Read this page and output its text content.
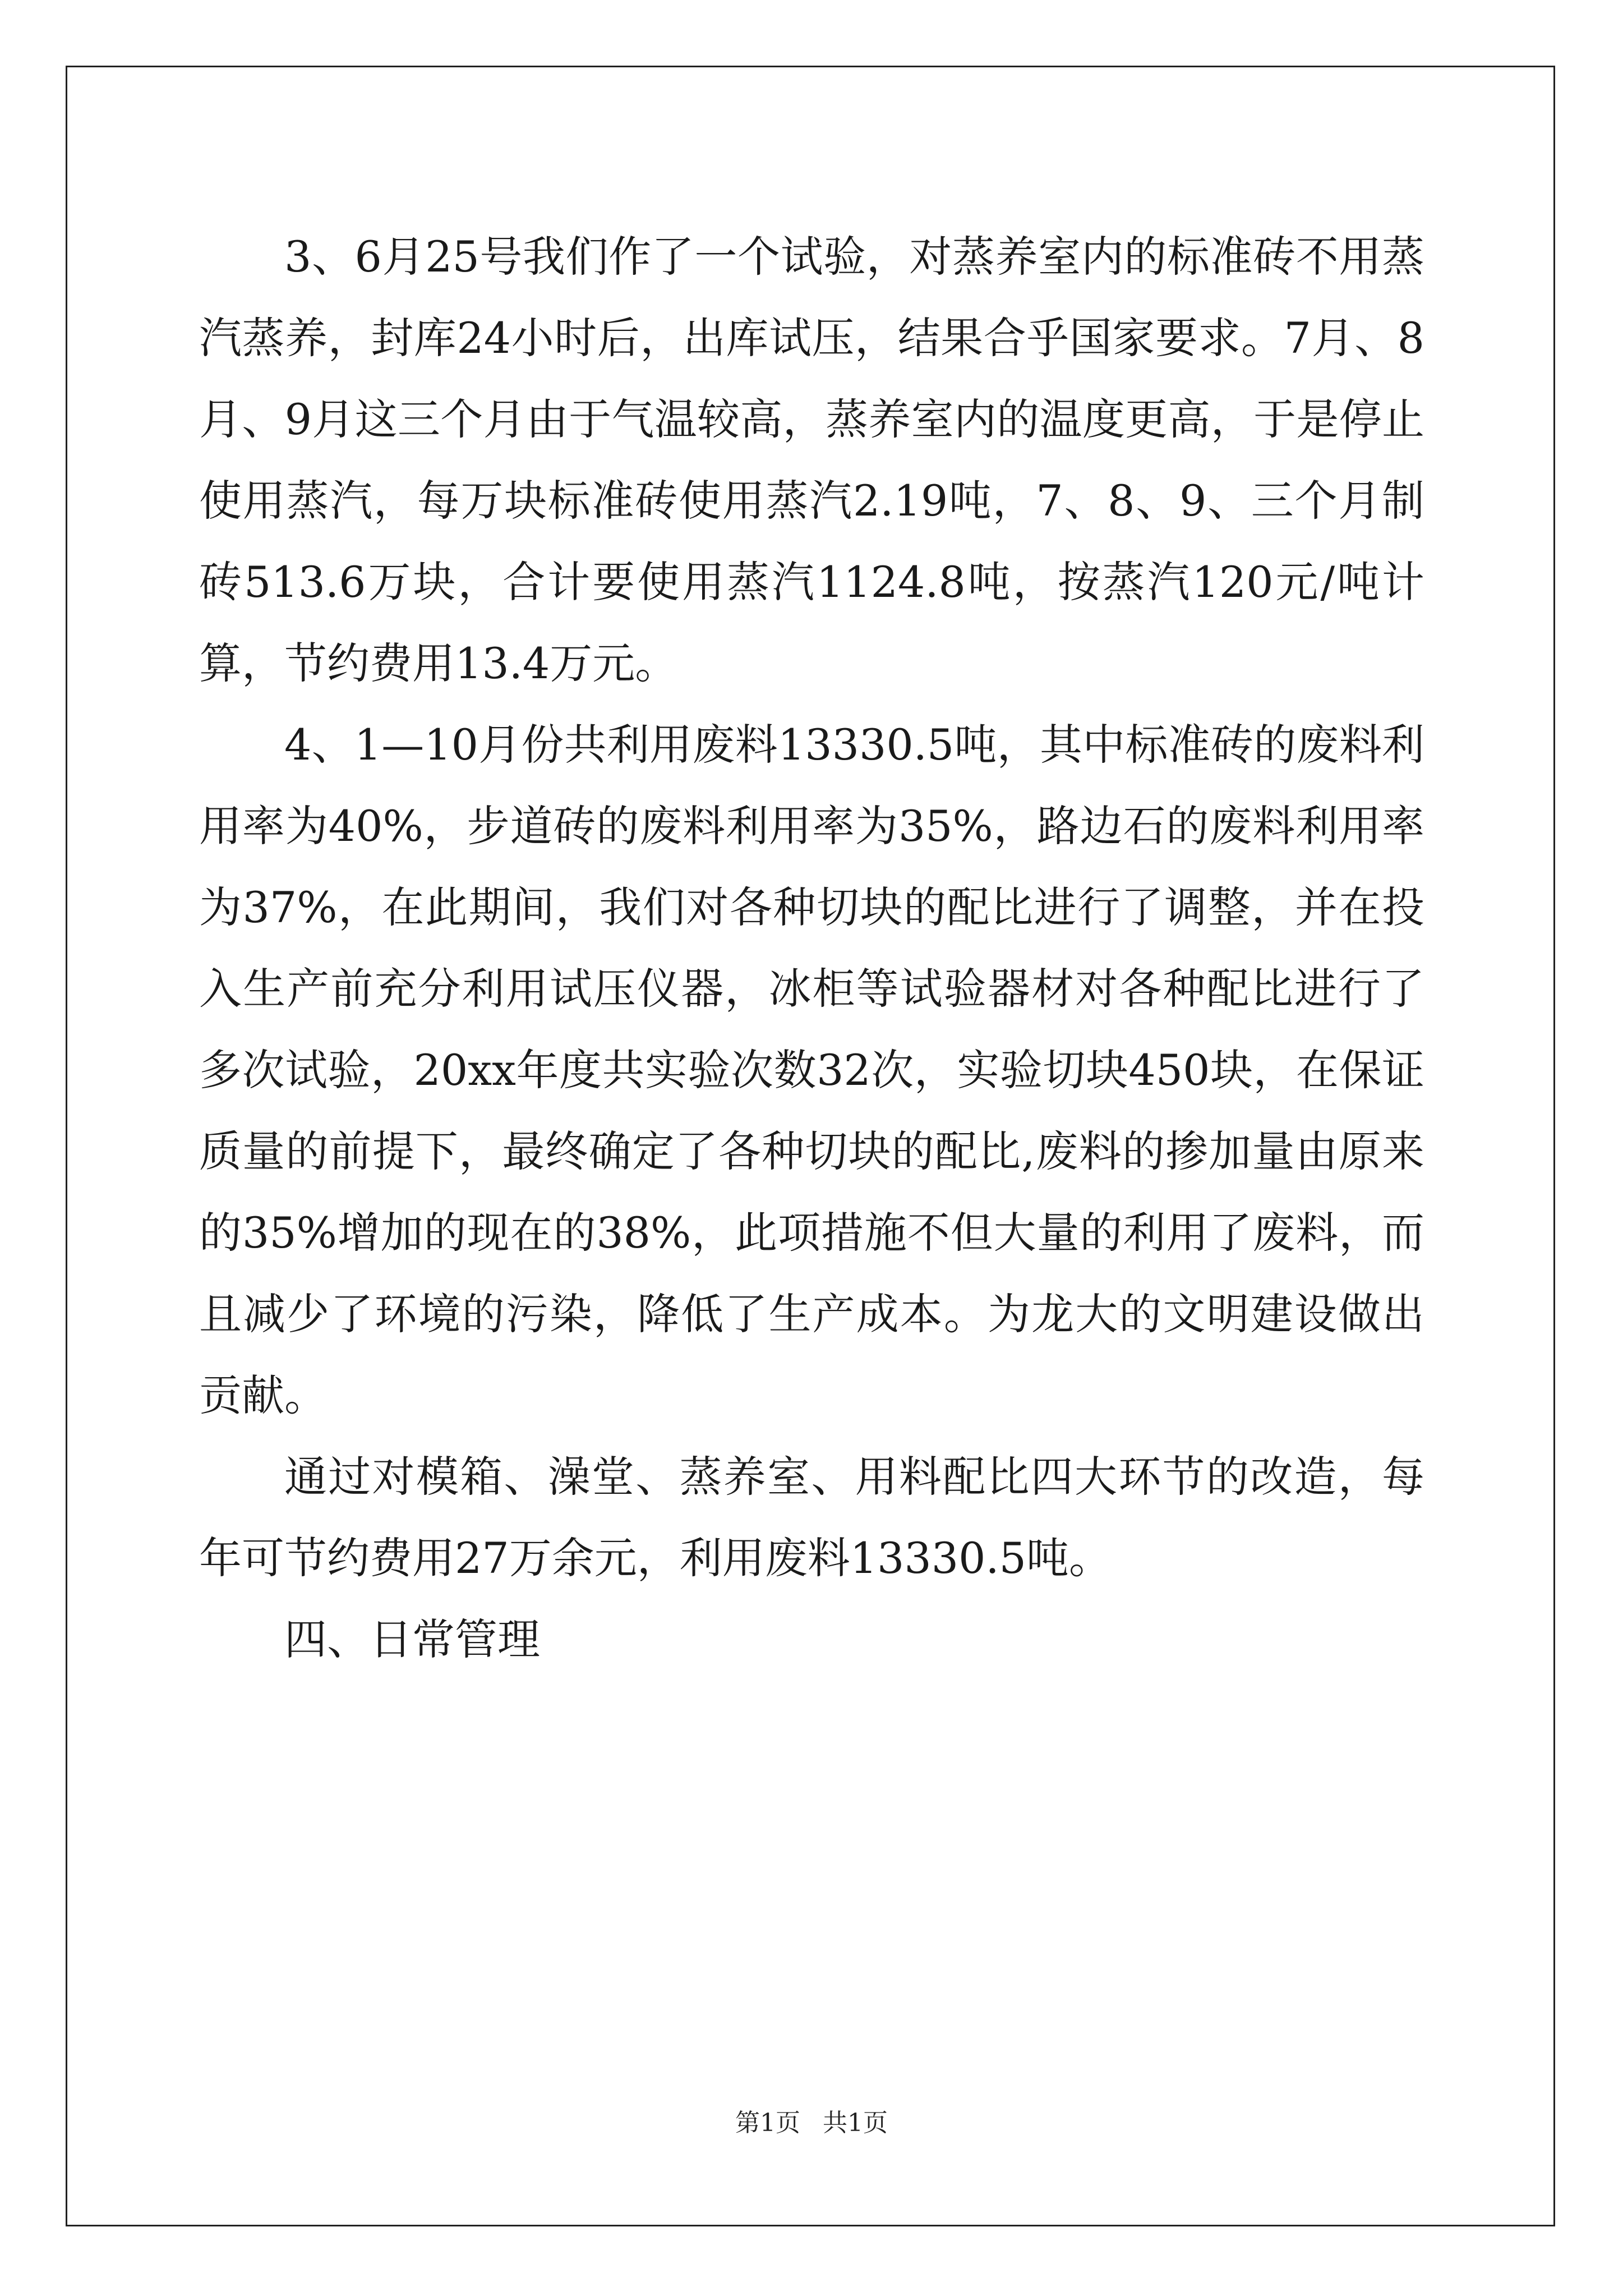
3、6月25号我们作了一个试验，对蒸养室内的标准砖不用蒸汽蒸养，封库24小时后，出库试压，结果合乎国家要求。7月、8月、9月这三个月由于气温较高，蒸养室内的温度更高，于是停止使用蒸汽，每万块标准砖使用蒸汽2.19吨，7、8、9、三个月制砖513.6万块，合计要使用蒸汽1124.8吨，按蒸汽120元/吨计算，节约费用13.4万元。

4、1—10月份共利用废料13330.5吨，其中标准砖的废料利用率为40%，步道砖的废料利用率为35%，路边石的废料利用率为37%，在此期间，我们对各种切块的配比进行了调整，并在投入生产前充分利用试压仪器，冰柜等试验器材对各种配比进行了多次试验，20xx年度共实验次数32次，实验切块450块，在保证质量的前提下，最终确定了各种切块的配比,废料的掺加量由原来的35%增加的现在的38%，此项措施不但大量的利用了废料，而且减少了环境的污染，降低了生产成本。为龙大的文明建设做出贡献。

通过对模箱、澡堂、蒸养室、用料配比四大环节的改造，每年可节约费用27万余元，利用废料13330.5吨。

四、日常管理

第1页 共1页
